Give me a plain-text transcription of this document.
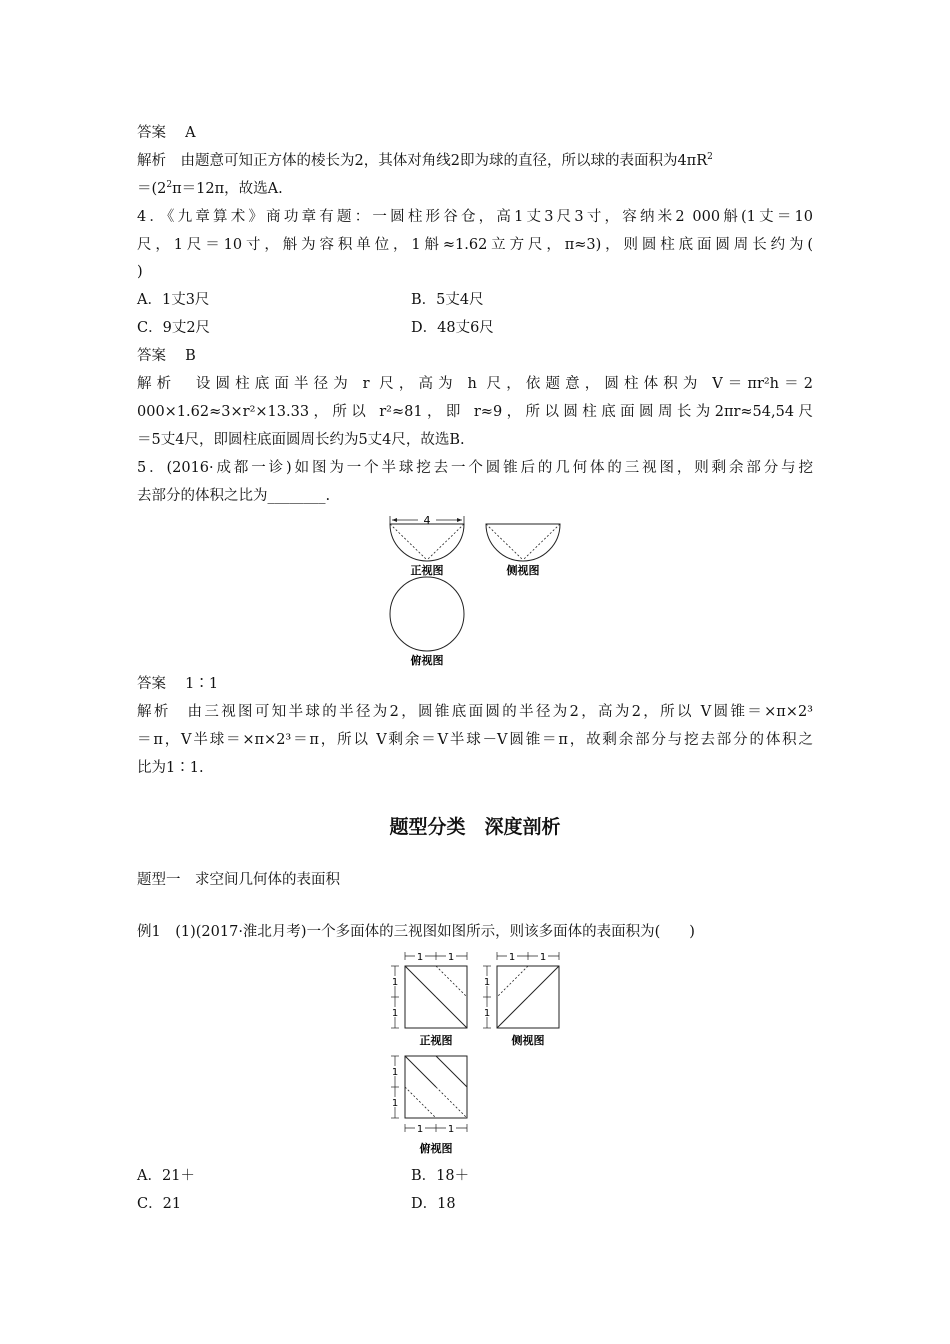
答案　 A
解析　 由题意可知正方体的棱长为2，其体对角线2即为球的直径，所以球的表面积为$4\pi R^2$
$=(2^2\pi=12\pi$，故选A.
4．《九章算术》商功章有题：一圆柱形谷仓，高1丈3尺3寸，容纳米2 000斛(1丈＝10
尺，1尺＝10寸，斛为容积单位，1斛≈1.62立方尺，π≈3)，则圆柱底面圆周长约为(
)
A．1丈3尺	B．5丈4尺
C．9丈2尺	D．48丈6尺
答案　 B
解析　 设圆柱底面半径为 r 尺，高为 h 尺，依题意，圆柱体积为 V＝πr²h＝2
000×1.62≈3×r²×13.33，所以 r²≈81，即 r≈9，所以圆柱底面圆周长为2πr≈54,54尺
＝5丈4尺，即圆柱底面圆周长约为5丈4尺，故选B.
5．(2016·成都一诊)如图为一个半球挖去一个圆锥后的几何体的三视图，则剩余部分与挖
去部分的体积之比为________.
4
正视图	侧视图
俯视图
答案　 1∶1
解析　 由三视图可知半球的半径为2，圆锥底面圆的半径为2，高为2，所以 V圆锥＝×π×2³
＝π，V半球＝×π×2³＝π，所以 V剩余＝V半球－V圆锥＝π，故剩余部分与挖去部分的体积之
比为1∶1.
题型分类　深度剖析
题型一　求空间几何体的表面积
例1　(1)(2017·淮北月考)一个多面体的三视图如图所示，则该多面体的表面积为(　　)
1 1
1
1
正视图
1 1
1
1
侧视图
1
1
1 1
俯视图
A．21＋	B．18＋
C．21	D．18
